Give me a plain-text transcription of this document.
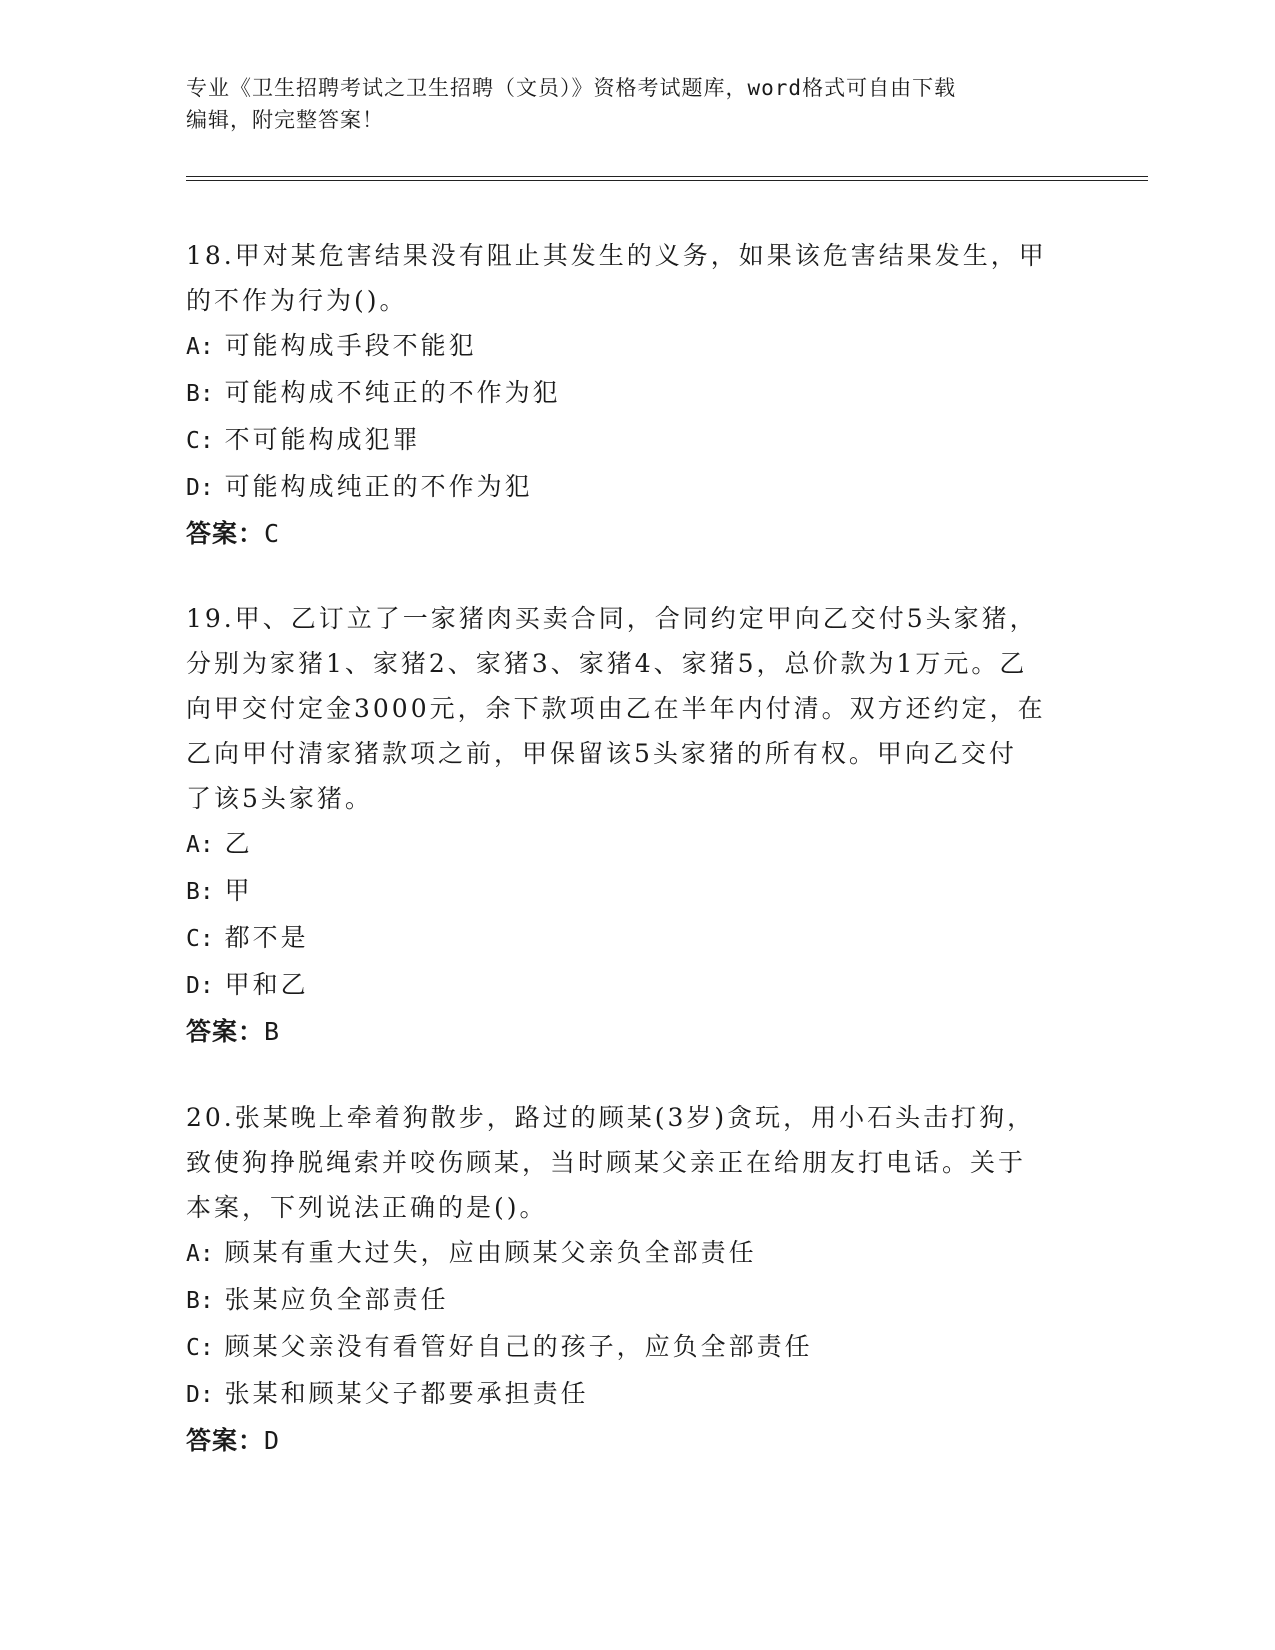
专业《卫生招聘考试之卫生招聘（文员）》资格考试题库，word格式可自由下载
编辑，附完整答案！

18.甲对某危害结果没有阻止其发生的义务，如果该危害结果发生，甲

的不作为行为()。

A: 可能构成手段不能犯

B: 可能构成不纯正的不作为犯

C: 不可能构成犯罪

D: 可能构成纯正的不作为犯

答案：C

19.甲、乙订立了一家猪肉买卖合同，合同约定甲向乙交付5头家猪，

分别为家猪1、家猪2、家猪3、家猪4、家猪5，总价款为1万元。乙

向甲交付定金3000元，余下款项由乙在半年内付清。双方还约定，在

乙向甲付清家猪款项之前，甲保留该5头家猪的所有权。甲向乙交付

了该5头家猪。

A: 乙

B: 甲

C: 都不是

D: 甲和乙

答案：B

20.张某晚上牵着狗散步，路过的顾某(3岁)贪玩，用小石头击打狗，

致使狗挣脱绳索并咬伤顾某，当时顾某父亲正在给朋友打电话。关于

本案，下列说法正确的是()。

A: 顾某有重大过失，应由顾某父亲负全部责任

B: 张某应负全部责任

C: 顾某父亲没有看管好自己的孩子，应负全部责任

D: 张某和顾某父子都要承担责任

答案：D
